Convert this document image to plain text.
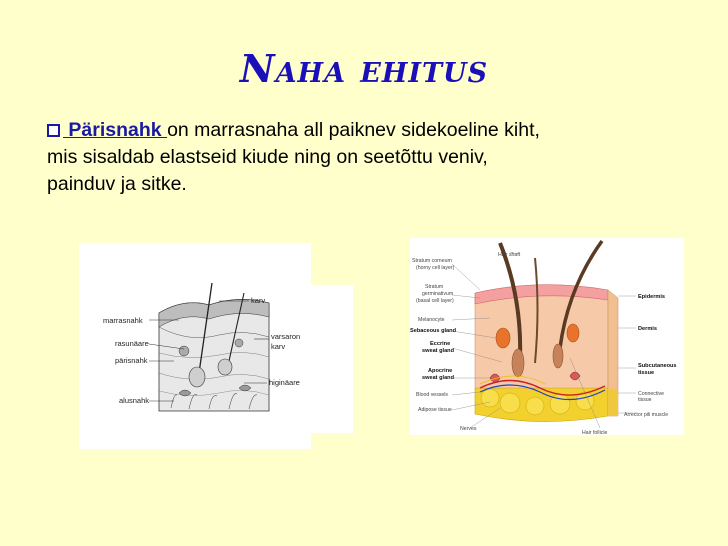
Naha ehitus
Pärisnahk on marrasnaha all paiknev sidekoeline kiht,
mis sisaldab elastseid kiude ning on seetõttu veniv,
painduv ja sitke.
karv
marrasnahk
rasunäare
pärisnahk
alusnahk
varsaron
karv
higinäare
Hair shaft
Stratum corneum
(horny cell layer)
Stratum
germinativum
(basal cell layer)
Melanocyte
Sebaceous gland
Eccrine
sweat gland
Apocrine
sweat gland
Blood vessels
Adipose tissue
Nerves
Epidermis
Dermis
Subcutaneous
tissue
Connective
tissue
Arrector pili muscle
Hair follicle
